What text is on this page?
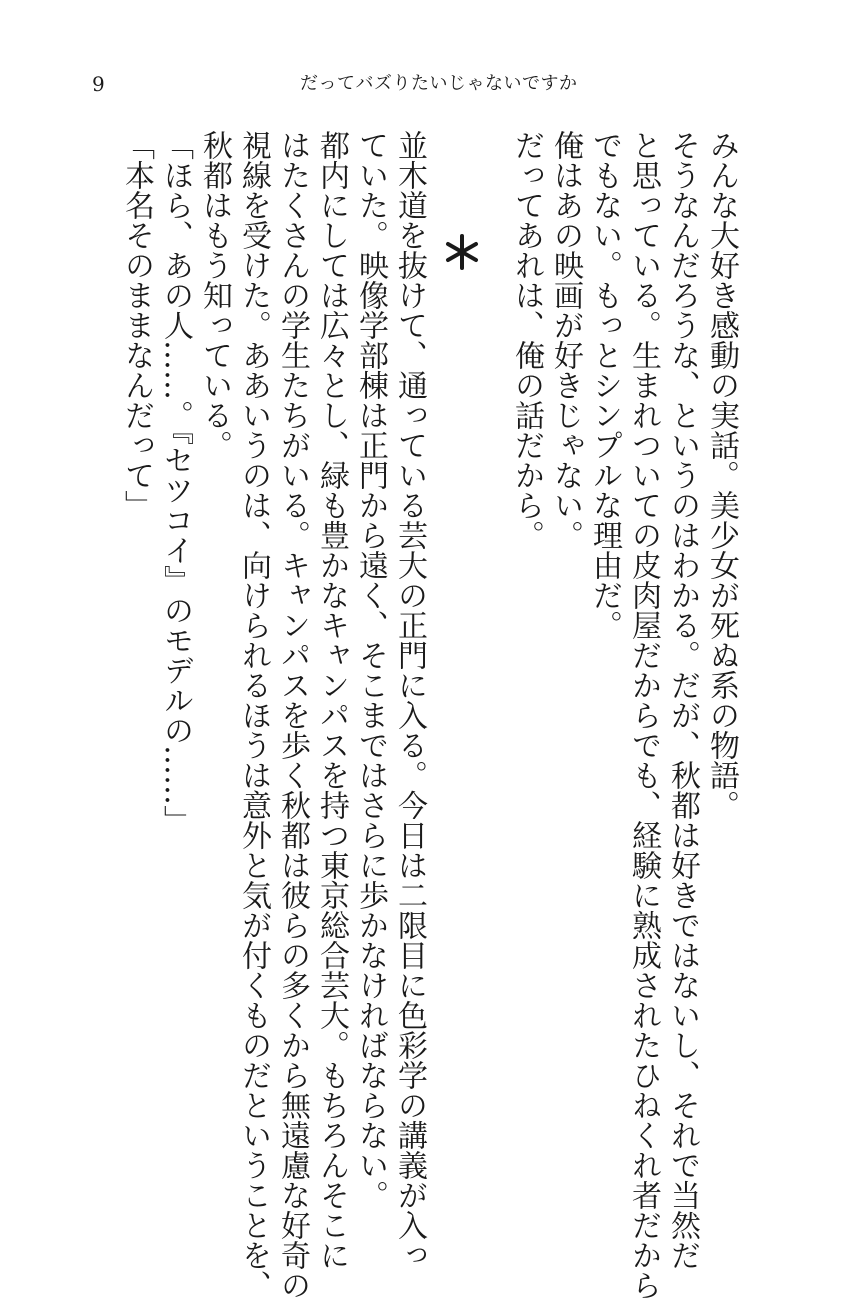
9	だってバズりたいじゃないですか
みんな大好き感動の実話。美少女が死ぬ系の物語。
そうなんだろうな、というのはわかる。だが、秋都は好きではないし、それで当然だ
と思っている。生まれついての皮肉屋だからでも、経験に熟成されたひねくれ者だから
でもない。もっとシンプルな理由だ。
俺はあの映画が好きじゃない。
だってあれは、俺の話だから。

並木道を抜けて、通っている芸大の正門に入る。今日は二限目に色彩学の講義が入っ
ていた。映像学部棟は正門から遠く、そこまではさらに歩かなければならない。
都内にしては広々とし、緑も豊かなキャンパスを持つ東京総合芸大。もちろんそこに
はたくさんの学生たちがいる。キャンパスを歩く秋都は彼らの多くから無遠慮な好奇の
視線を受けた。ああいうのは、向けられるほうは意外と気が付くものだということを、
秋都はもう知っている。
「ほら、あの人……。『セツコイ』のモデルの……」
「本名そのままなんだって」
